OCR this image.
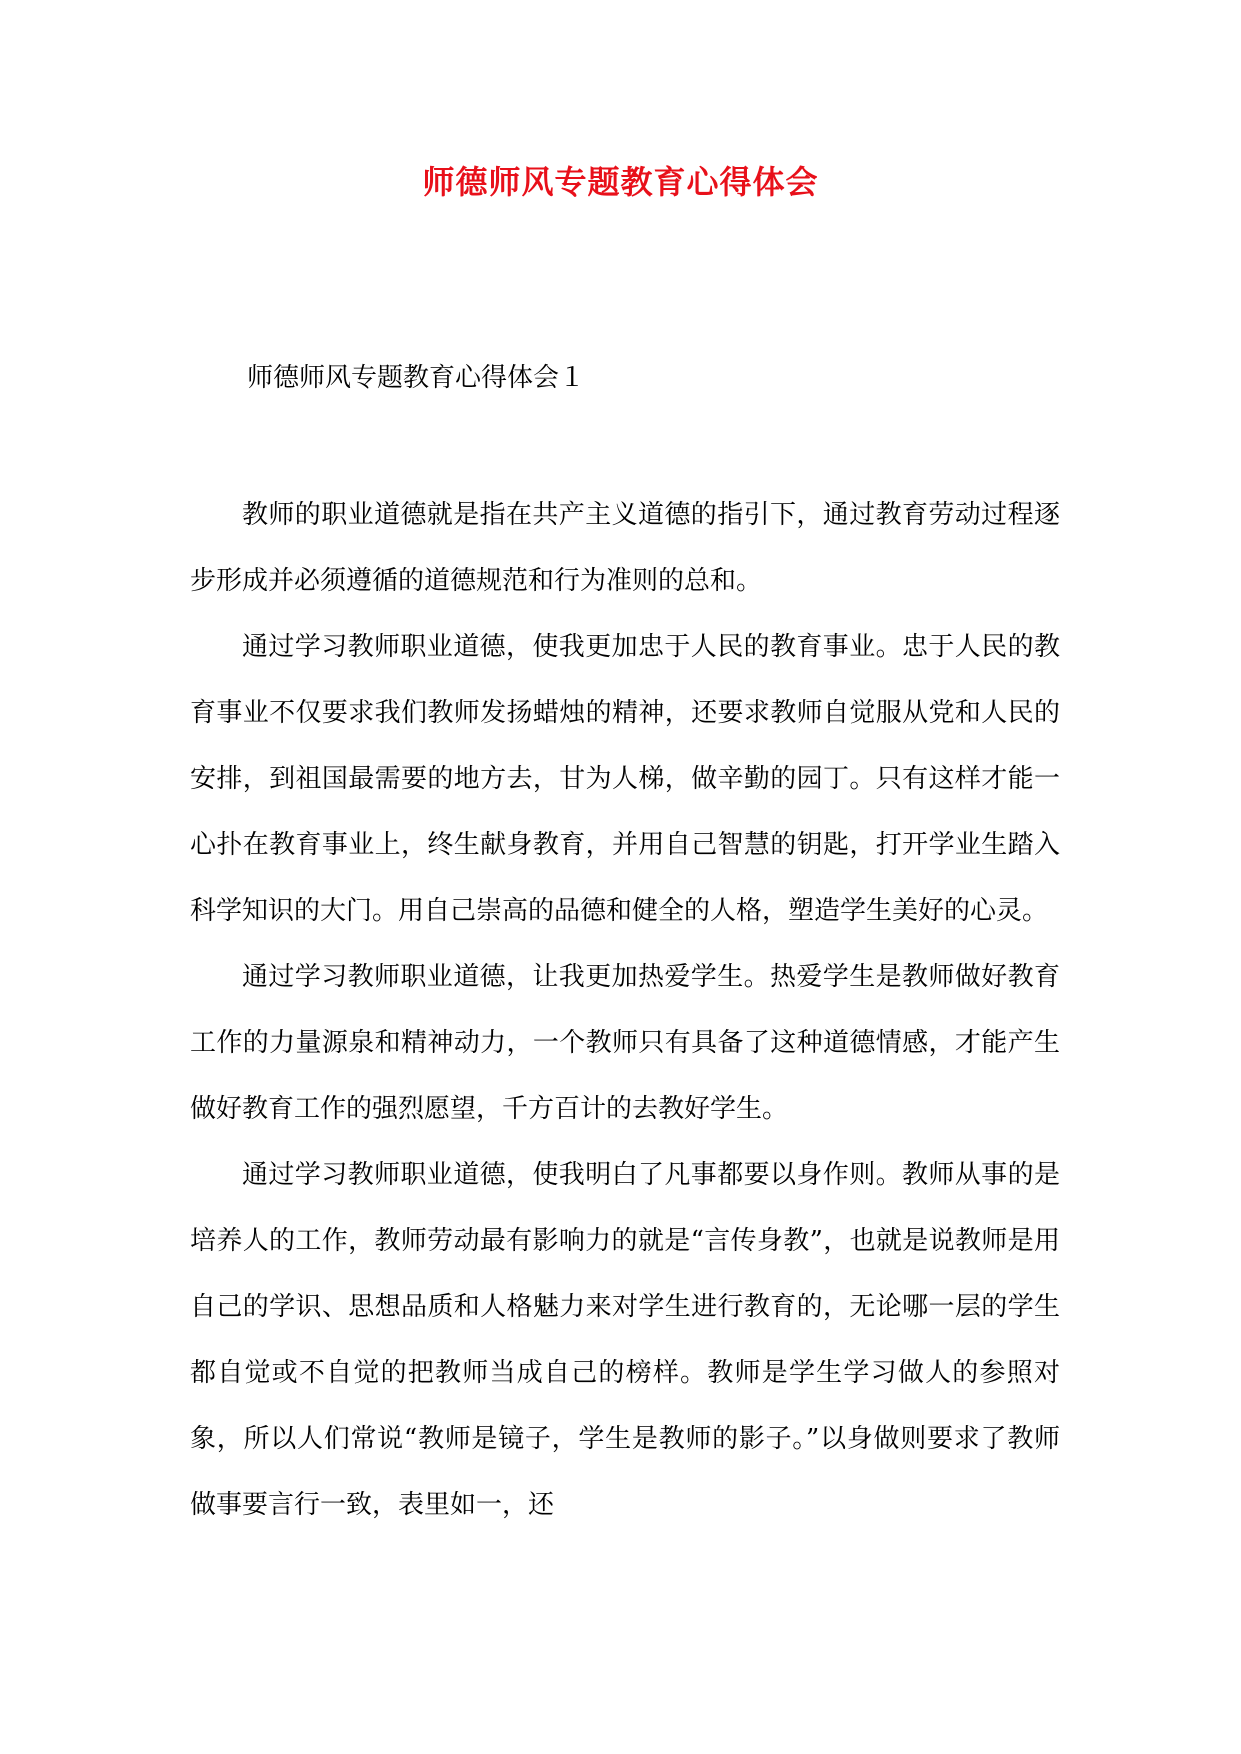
师德师风专题教育心得体会

师德师风专题教育心得体会１

教师的职业道德就是指在共产主义道德的指引下，通过教育劳动过程逐步形成并必须遵循的道德规范和行为准则的总和。

通过学习教师职业道德，使我更加忠于人民的教育事业。忠于人民的教育事业不仅要求我们教师发扬蜡烛的精神，还要求教师自觉服从党和人民的安排，到祖国最需要的地方去，甘为人梯，做辛勤的园丁。只有这样才能一心扑在教育事业上，终生献身教育，并用自己智慧的钥匙，打开学业生踏入科学知识的大门。用自己崇高的品德和健全的人格，塑造学生美好的心灵。

通过学习教师职业道德，让我更加热爱学生。热爱学生是教师做好教育工作的力量源泉和精神动力，一个教师只有具备了这种道德情感，才能产生做好教育工作的强烈愿望，千方百计的去教好学生。

通过学习教师职业道德，使我明白了凡事都要以身作则。教师从事的是培养人的工作，教师劳动最有影响力的就是“言传身教”，也就是说教师是用自己的学识、思想品质和人格魅力来对学生进行教育的，无论哪一层的学生都自觉或不自觉的把教师当成自己的榜样。教师是学生学习做人的参照对象，所以人们常说“教师是镜子，学生是教师的影子。”以身做则要求了教师做事要言行一致，表里如一，还
